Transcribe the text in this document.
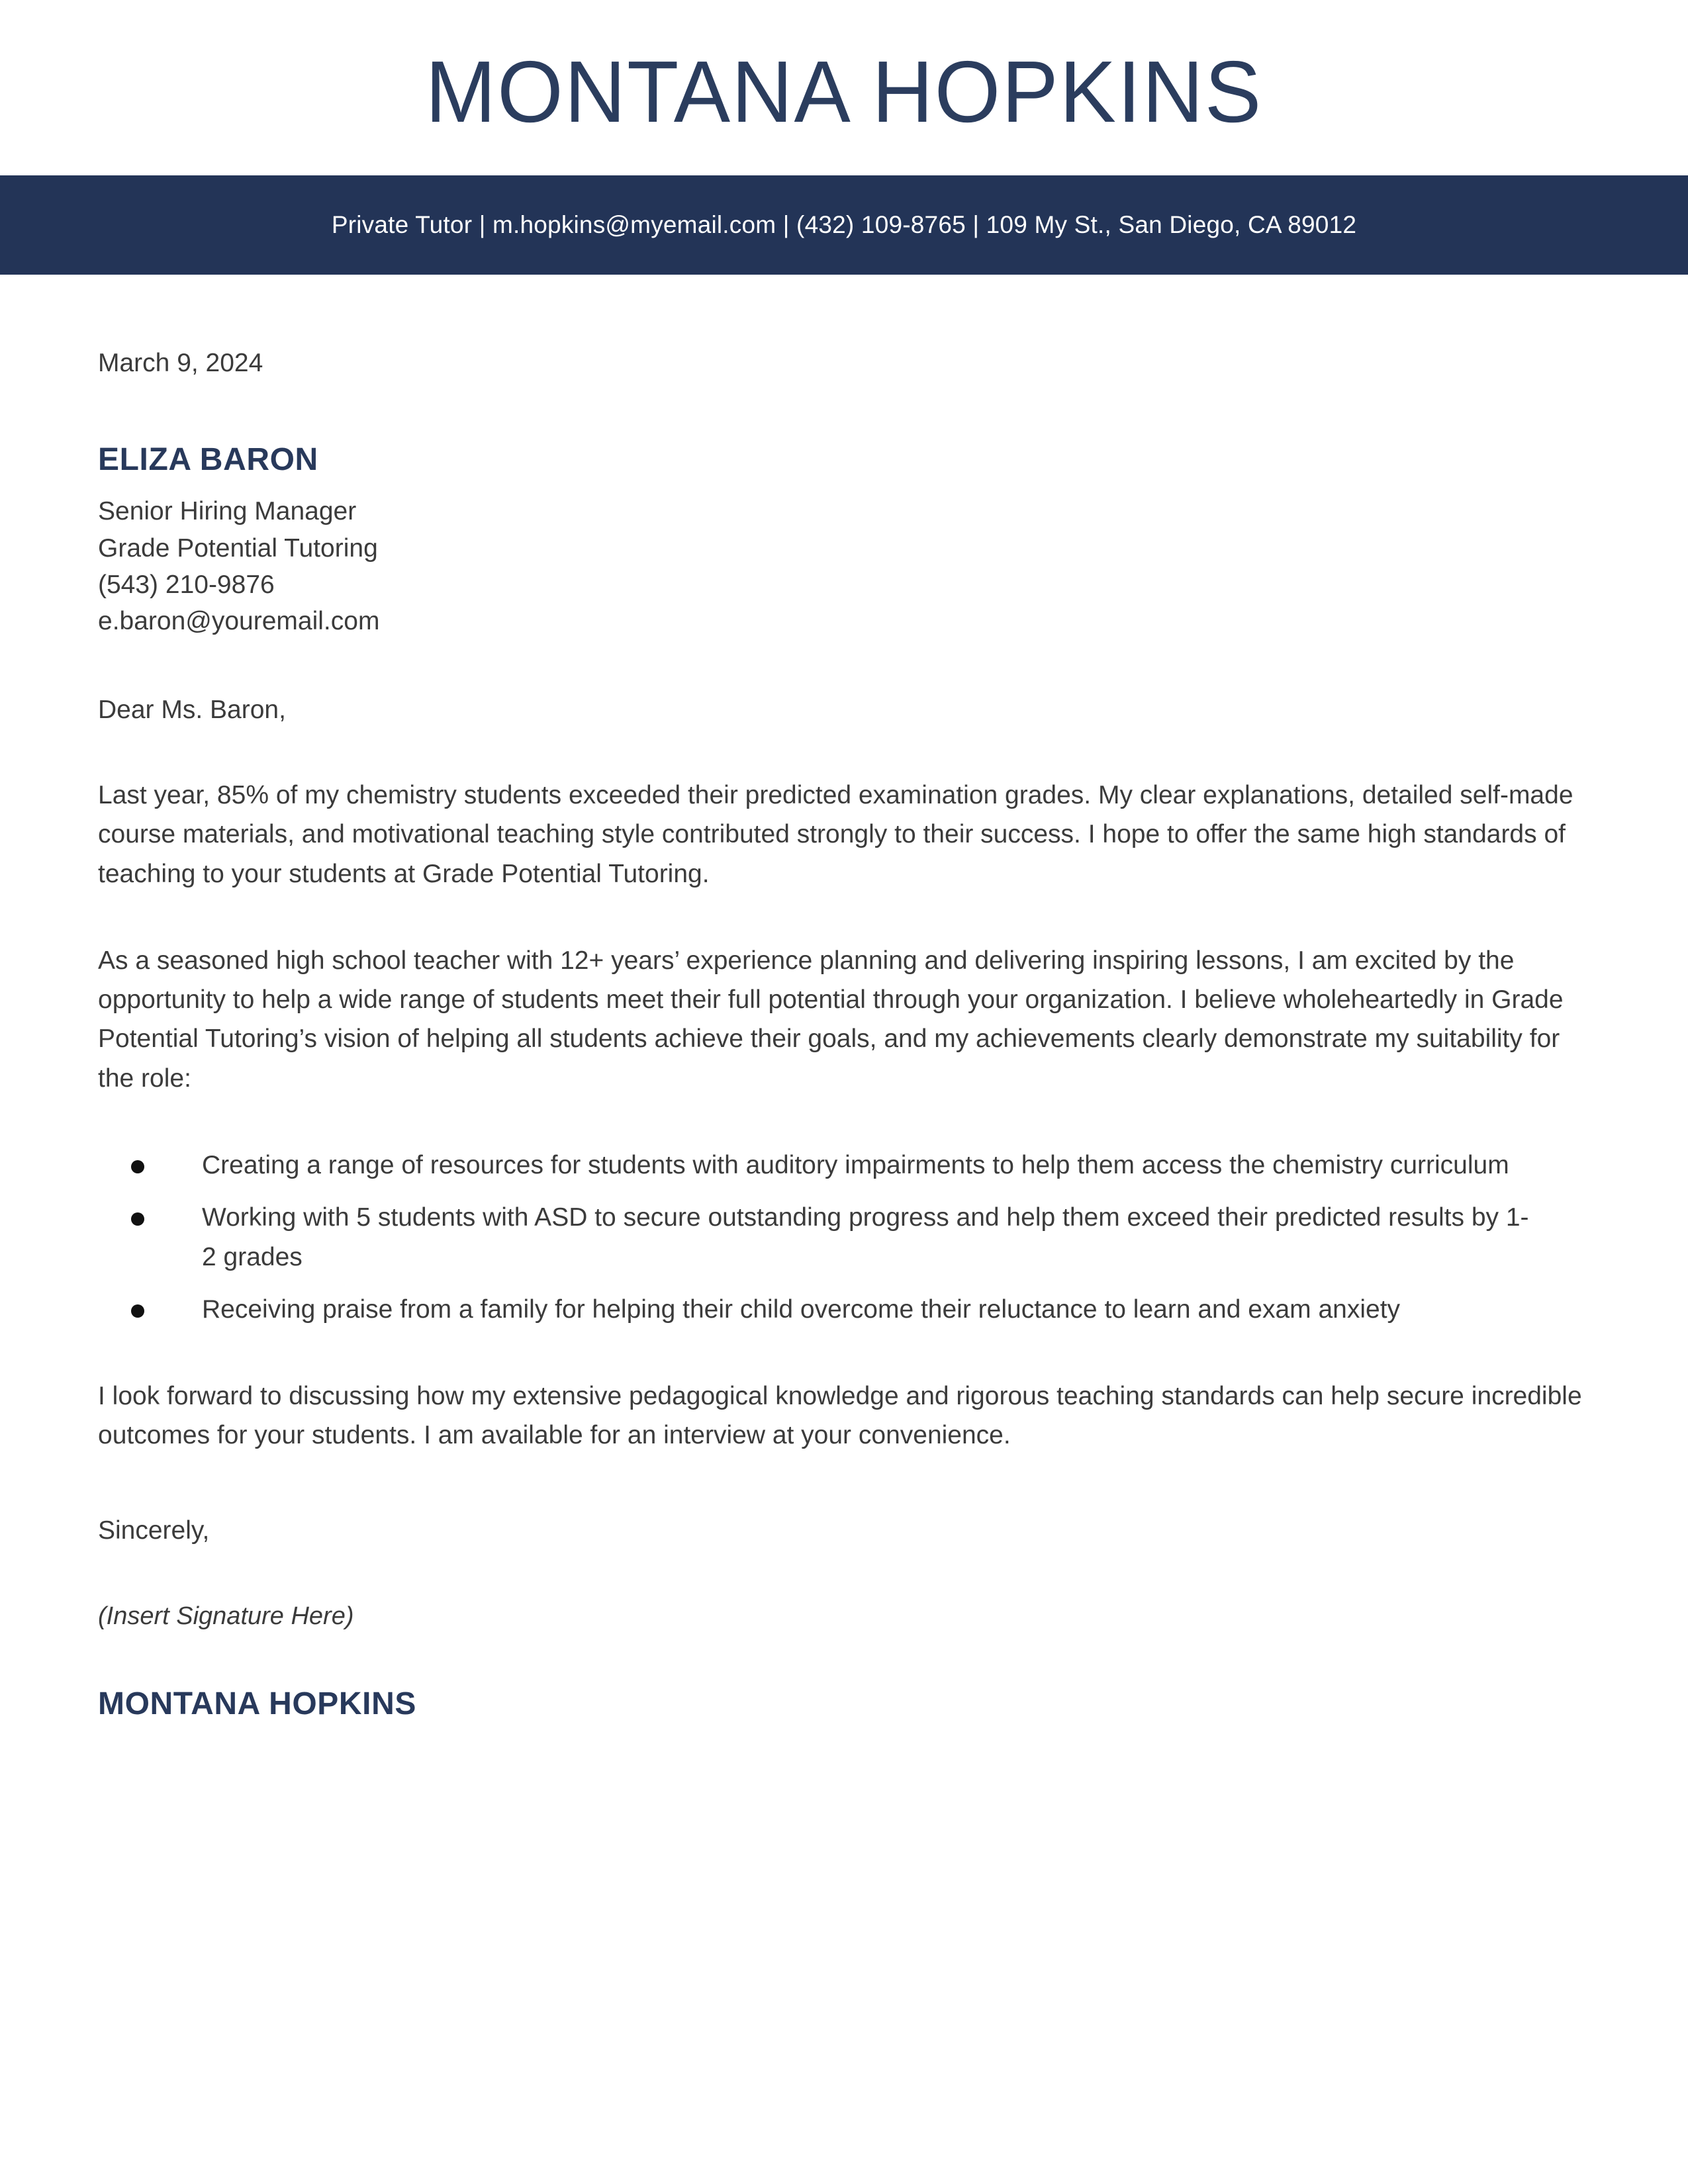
MONTANA HOPKINS
Private Tutor | m.hopkins@myemail.com | (432) 109-8765 | 109 My St., San Diego, CA 89012
March 9, 2024
ELIZA BARON
Senior Hiring Manager
Grade Potential Tutoring
(543) 210-9876
e.baron@youremail.com
Dear Ms. Baron,

Last year, 85% of my chemistry students exceeded their predicted examination grades. My clear explanations, detailed self-made course materials, and motivational teaching style contributed strongly to their success. I hope to offer the same high standards of teaching to your students at Grade Potential Tutoring.

As a seasoned high school teacher with 12+ years’ experience planning and delivering inspiring lessons, I am excited by the opportunity to help a wide range of students meet their full potential through your organization. I believe wholeheartedly in Grade Potential Tutoring’s vision of helping all students achieve their goals, and my achievements clearly demonstrate my suitability for the role:

Creating a range of resources for students with auditory impairments to help them access the chemistry curriculum
Working with 5 students with ASD to secure outstanding progress and help them exceed their predicted results by 1-2 grades
Receiving praise from a family for helping their child overcome their reluctance to learn and exam anxiety

I look forward to discussing how my extensive pedagogical knowledge and rigorous teaching standards can help secure incredible outcomes for your students. I am available for an interview at your convenience.

Sincerely,
(Insert Signature Here)
MONTANA HOPKINS
